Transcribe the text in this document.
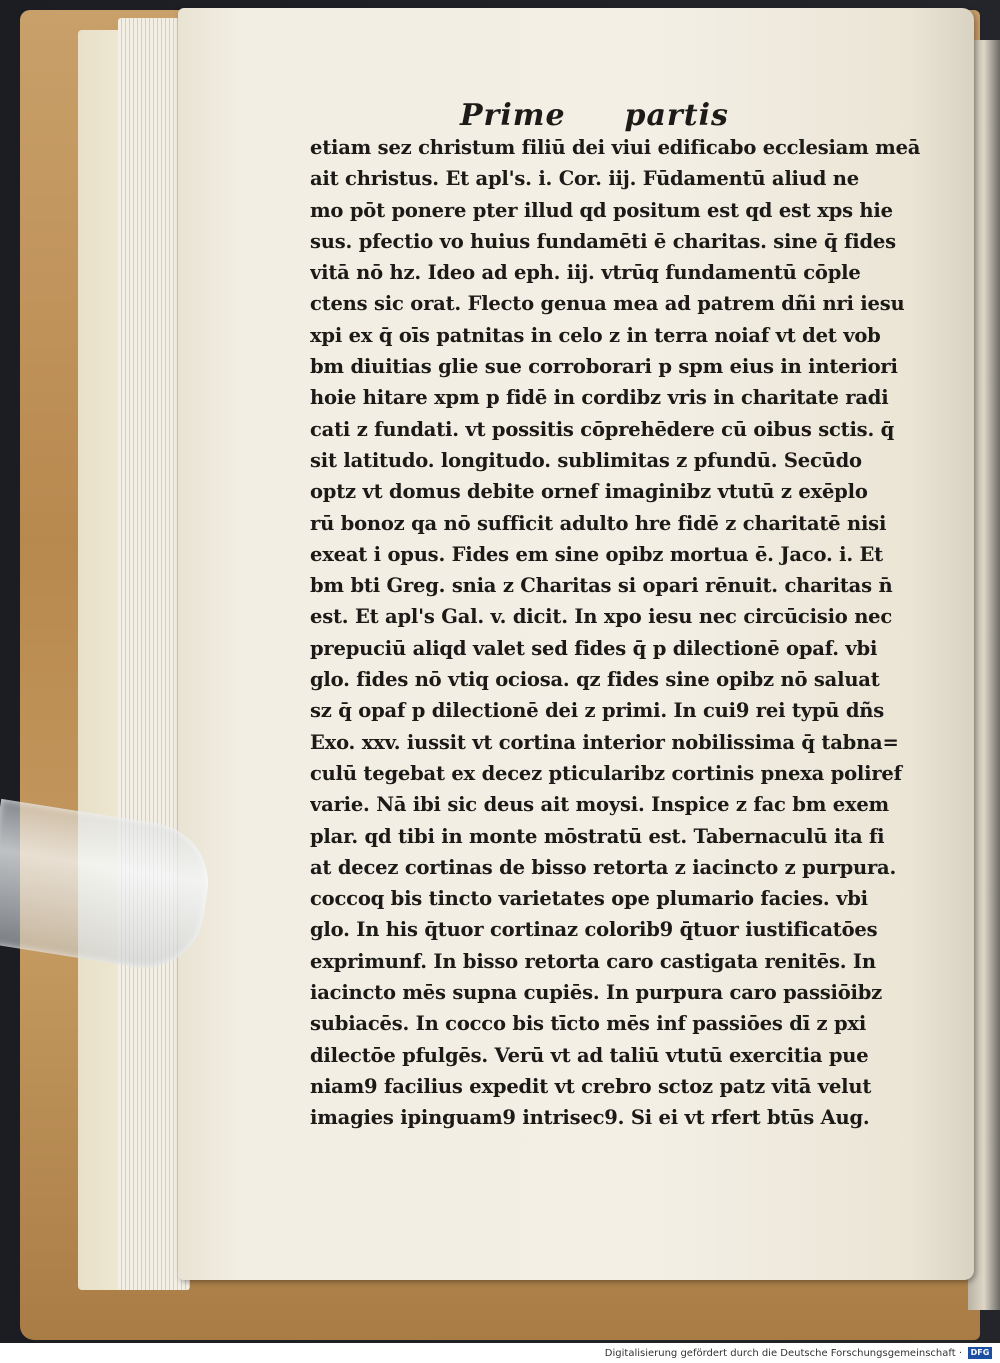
Prime partis
etiam sez christum filiū dei viui edificabo ecclesiam meā
ait christus. Et apl's. i. Cor. iij. Fūdamentū aliud ne
mo pōt ponere pter illud qd positum est qd est xps hie
sus. pfectio vo huius fundamēti ē charitas. sine q̄ fides
vitā nō hz. Ideo ad eph. iij. vtrūq fundamentū cōple
ctens sic orat. Flecto genua mea ad patrem dñi nri iesu
xpi ex q̄ oīs patnitas in celo z in terra noiaf vt det vob
bm diuitias glie sue corroborari p spm eius in interiori
hoie hitare xpm p fidē in cordibz vris in charitate radi
cati z fundati. vt possitis cōprehēdere cū oibus sctis. q̄
sit latitudo. longitudo. sublimitas z pfundū. Secūdo
optz vt domus debite ornef imaginibz vtutū z exēplo
rū bonoz qa nō sufficit adulto hre fidē z charitatē nisi
exeat i opus. Fides em sine opibz mortua ē. Jaco. i. Et
bm bti Greg. snia z Charitas si opari rēnuit. charitas n̄
est. Et apl's Gal. v. dicit. In xpo iesu nec circūcisio nec
prepuciū aliqd valet sed fides q̄ p dilectionē opaf. vbi
glo. fides nō vtiq ociosa. qz fides sine opibz nō saluat
sz q̄ opaf p dilectionē dei z primi. In cui9 rei typū dñs
Exo. xxv. iussit vt cortina interior nobilissima q̄ tabna=
culū tegebat ex decez pticularibz cortinis pnexa poliref
varie. Nā ibi sic deus ait moysi. Inspice z fac bm exem
plar. qd tibi in monte mōstratū est. Tabernaculū ita fi
at decez cortinas de bisso retorta z iacincto z purpura.
coccoq bis tincto varietates ope plumario facies. vbi
glo. In his q̄tuor cortinaz colorib9 q̄tuor iustificatōes
exprimunf. In bisso retorta caro castigata renitēs. In
iacincto mēs supna cupiēs. In purpura caro passiōibz
subiacēs. In cocco bis tīcto mēs inf passiōes dī z pxi
dilectōe pfulgēs. Verū vt ad taliū vtutū exercitia pue
niam9 facilius expedit vt crebro sctoz patz vitā velut
imagies ipinguam9 intrisec9. Si ei vt rfert btūs Aug.
Digitalisierung gefördert durch die Deutsche Forschungsgemeinschaft ·	DFG
